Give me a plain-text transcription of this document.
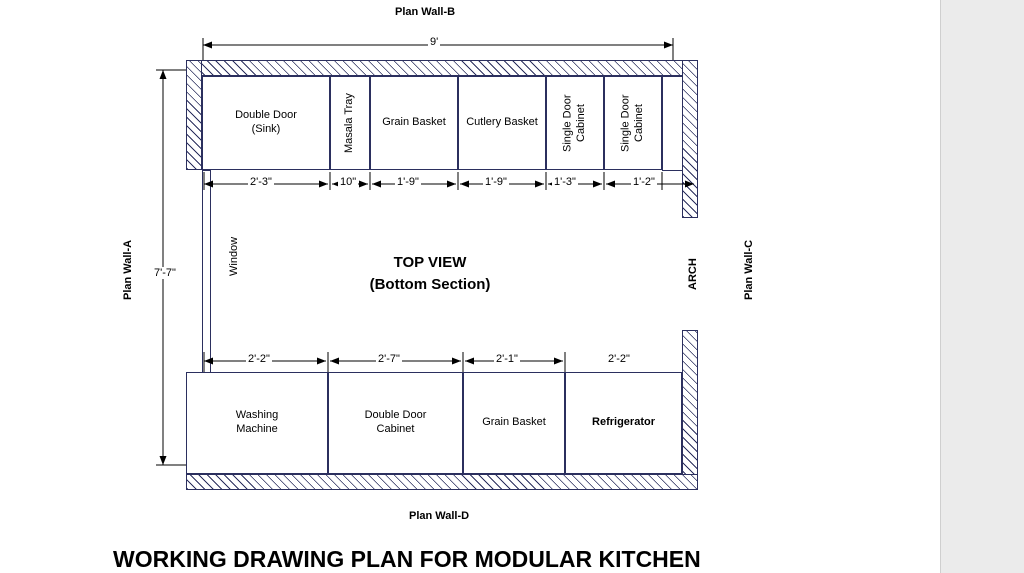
Double Door
(Sink)	Masala Tray Grain Basket Cutlery Basket Single Door Cabinet	Single Door Cabinet
Window	ARCH
Washing
Machine
Double Door
Cabinet
Grain Basket	Refrigerator
9'
7'-7"
2'-3"	10"	1'-9"	1'-9"	1'-3"	1'-2"
2'-2"	2'-7"	2'-1"	2'-2"
Plan Wall-B
Plan Wall-D
Plan Wall-A	Plan Wall-C
TOP VIEW
(Bottom Section)
WORKING DRAWING PLAN FOR MODULAR KITCHEN
